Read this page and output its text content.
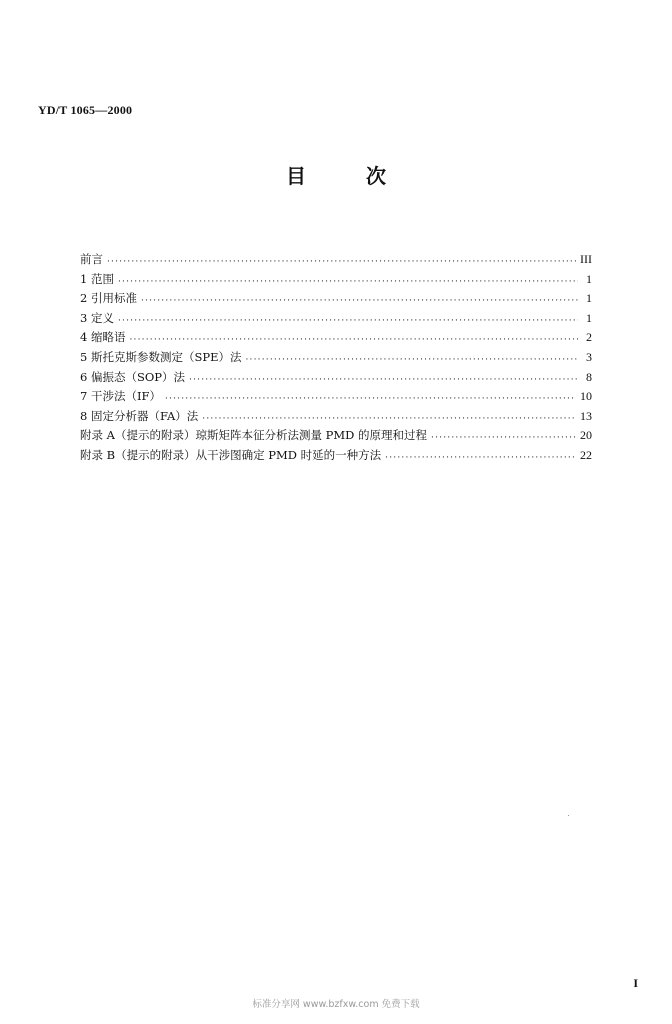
YD/T 1065—2000
目	次
前言 ·····	III
1 范围 ·····	1
2 引用标准 ·····	1
3 定义 ·····	1
4 缩略语 ·····	2
5 斯托克斯参数测定（SPE）法 ·····	3
6 偏振态（SOP）法 ·····	8
7 干涉法（IF） ·····	10
8 固定分析器（FA）法 ·····	13
附录 A（提示的附录）琼斯矩阵本征分析法测量 PMD 的原理和过程 ·····	20
附录 B（提示的附录）从干涉图确定 PMD 时延的一种方法 ·····	22
I
标准分享网 www.bzfxw.com 免费下载
